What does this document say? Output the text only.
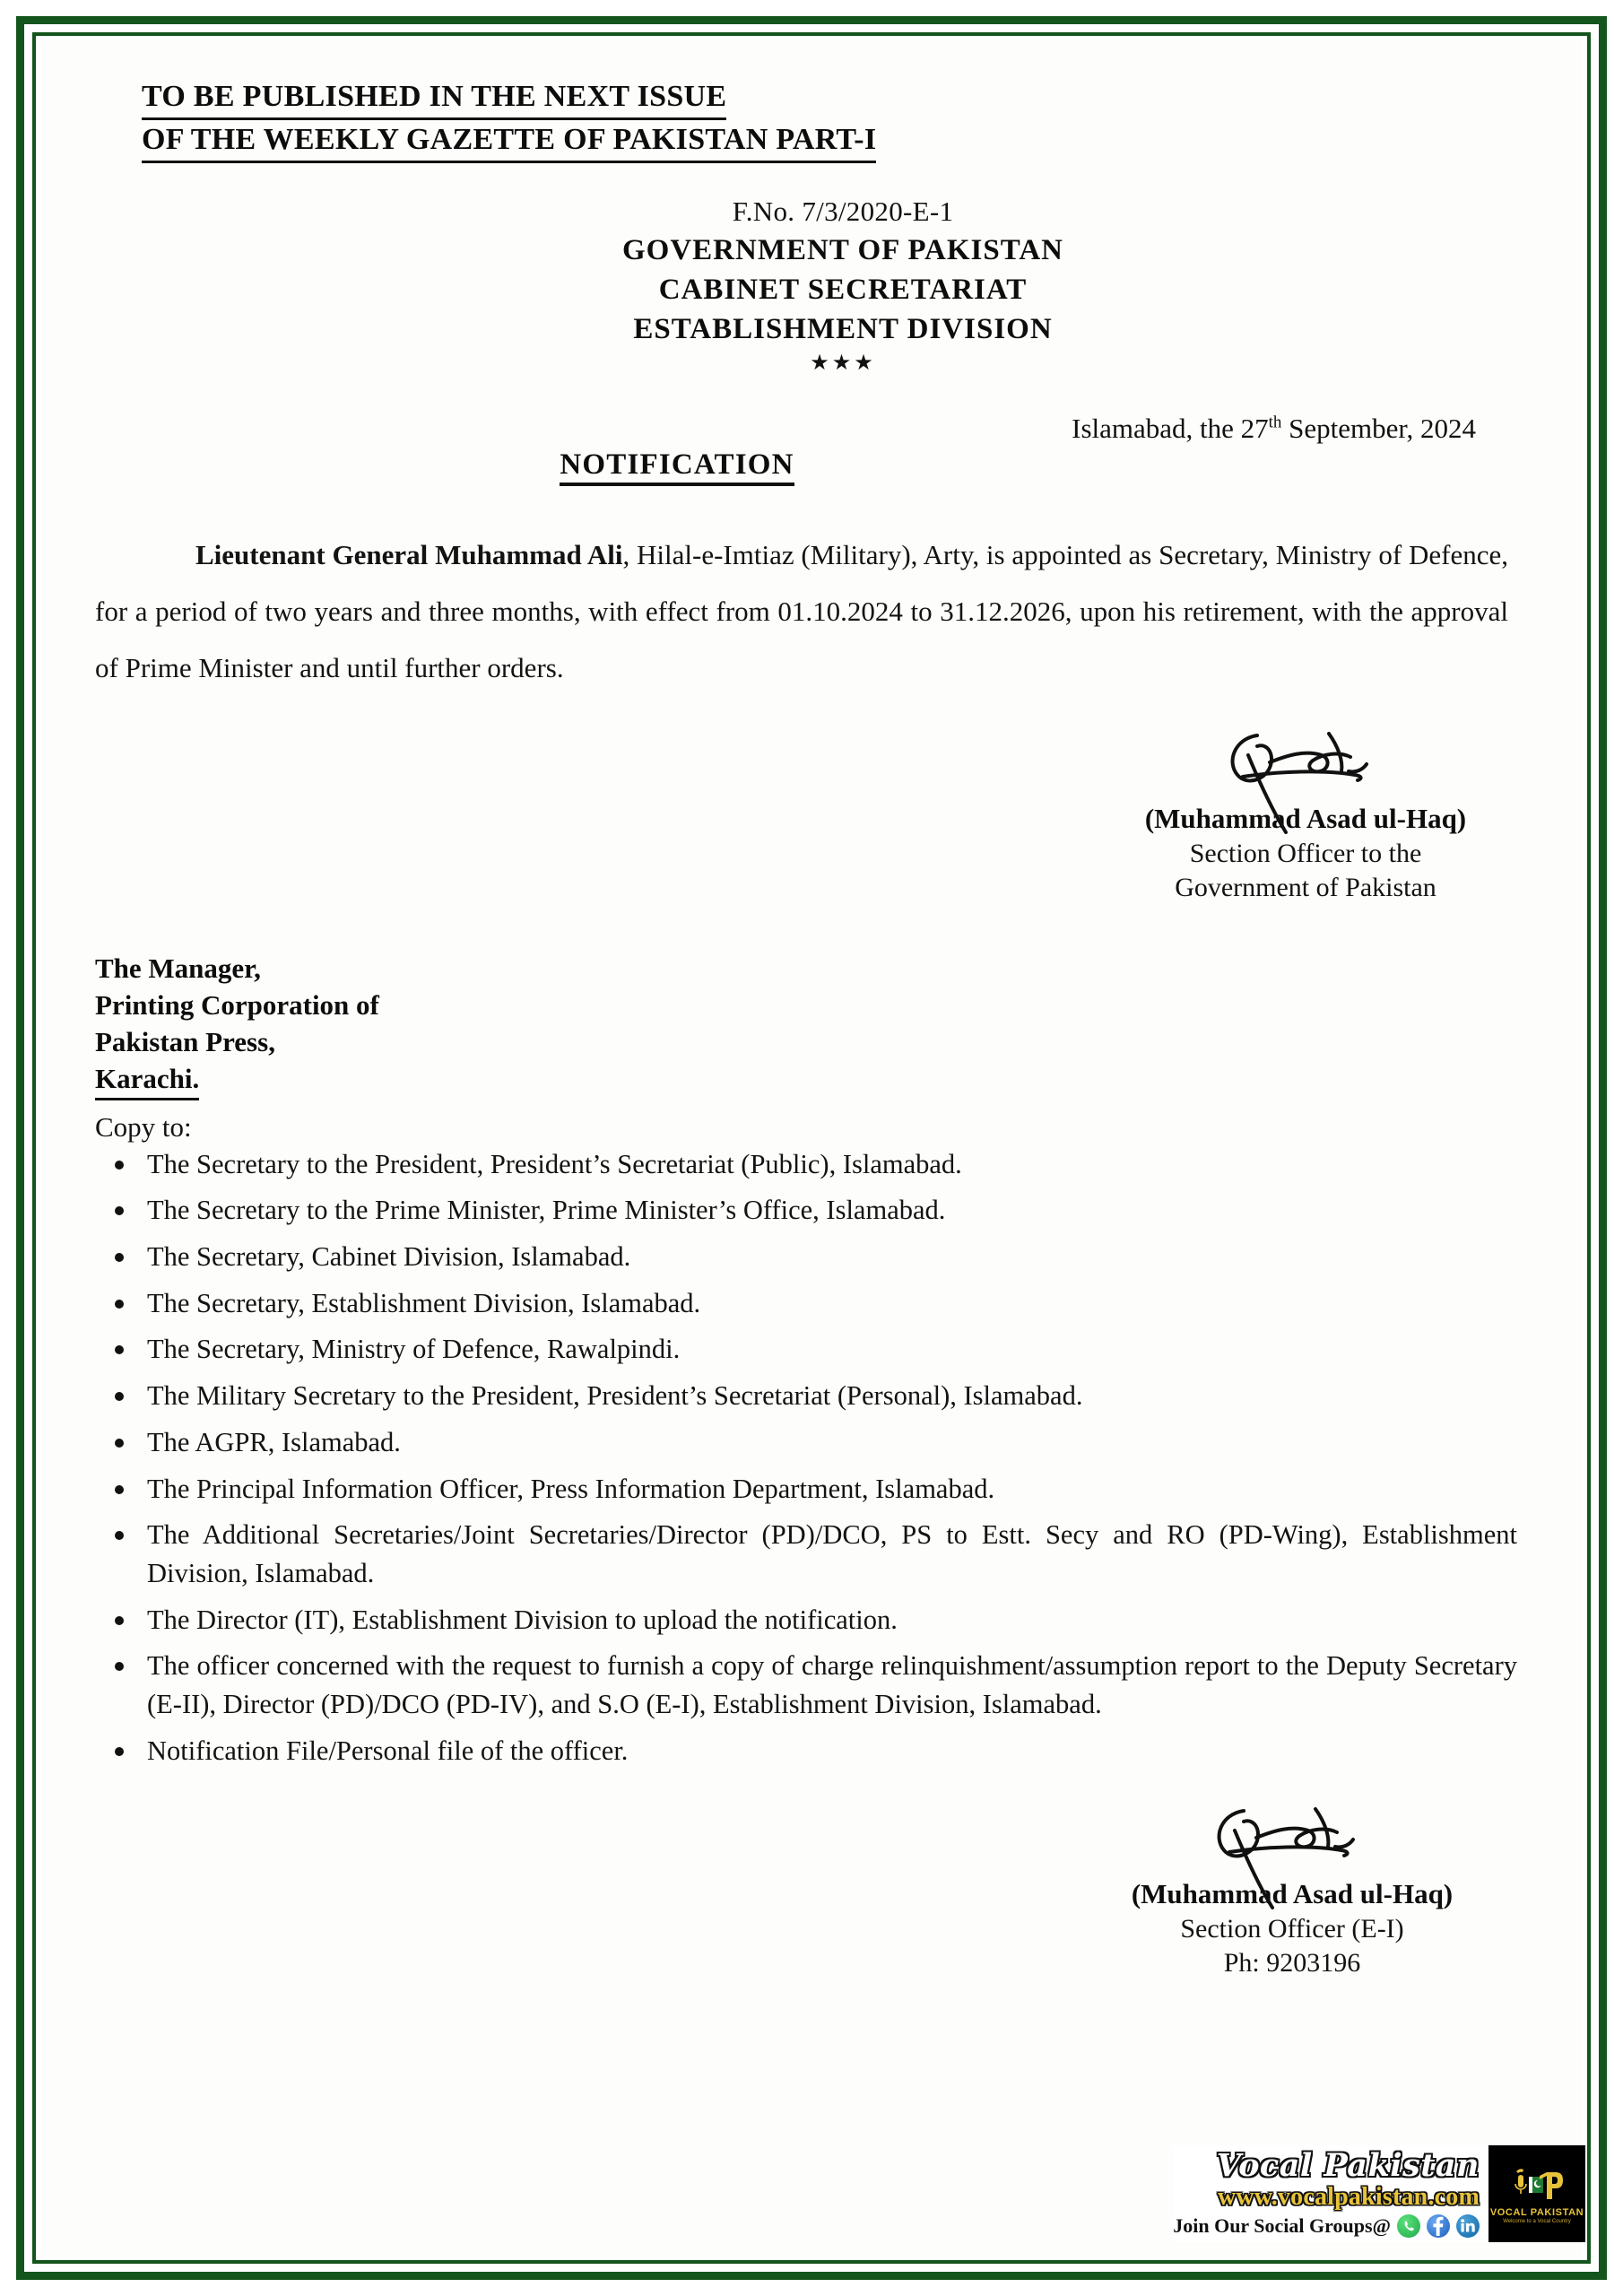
TO BE PUBLISHED IN THE NEXT ISSUE
OF THE WEEKLY GAZETTE OF PAKISTAN PART-I
F.No. 7/3/2020-E-1
GOVERNMENT OF PAKISTAN
CABINET SECRETARIAT
ESTABLISHMENT DIVISION
★★★
Islamabad, the 27th September, 2024
NOTIFICATION

Lieutenant General Muhammad Ali, Hilal-e-Imtiaz (Military), Arty, is appointed as Secretary, Ministry of Defence, for a period of two years and three months, with effect from 01.10.2024 to 31.12.2026, upon his retirement, with the approval of Prime Minister and until further orders.

(Muhammad Asad ul-Haq)
Section Officer to the
Government of Pakistan
The Manager,
Printing Corporation of
Pakistan Press,
Karachi.
Copy to:
The Secretary to the President, President’s Secretariat (Public), Islamabad.
The Secretary to the Prime Minister, Prime Minister’s Office, Islamabad.
The Secretary, Cabinet Division, Islamabad.
The Secretary, Establishment Division, Islamabad.
The Secretary, Ministry of Defence, Rawalpindi.
The Military Secretary to the President, President’s Secretariat (Personal), Islamabad.
The AGPR, Islamabad.
The Principal Information Officer, Press Information Department, Islamabad.
The Additional Secretaries/Joint Secretaries/Director (PD)/DCO, PS to Estt. Secy and RO (PD-Wing), Establishment Division, Islamabad.
The Director (IT), Establishment Division to upload the notification.
The officer concerned with the request to furnish a copy of charge relinquishment/assumption report to the Deputy Secretary (E-II), Director (PD)/DCO (PD-IV), and S.O (E-I), Establishment Division, Islamabad.
Notification File/Personal file of the officer.
(Muhammad Asad ul-Haq)
Section Officer (E-I)
Ph: 9203196
Vocal Pakistan
www.vocalpakistan.com
Join Our Social Groups@
VOCAL PAKISTAN
Welcome to a Vocal Country
